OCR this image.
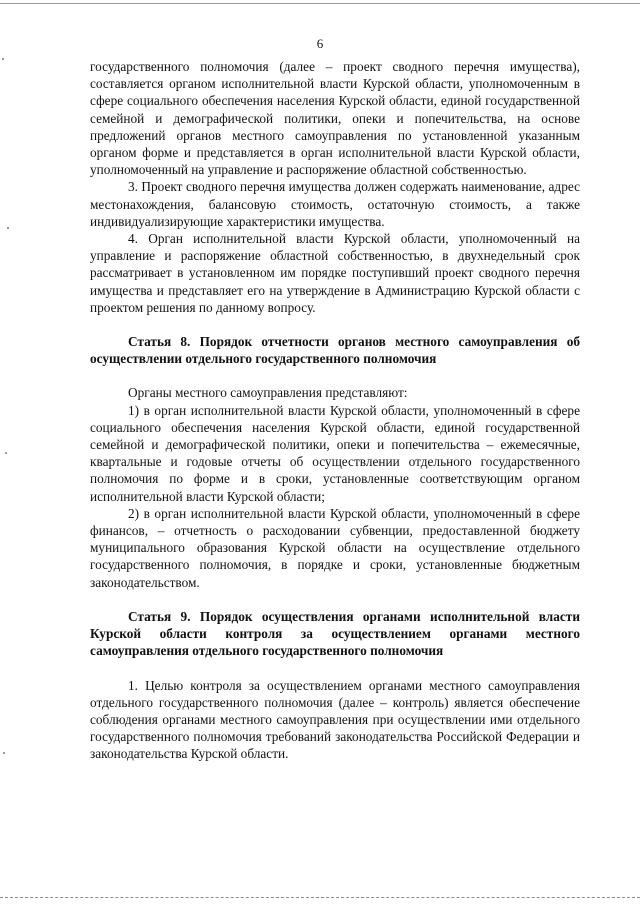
6

государственного полномочия (далее – проект сводного перечня имущества), составляется органом исполнительной власти Курской области, уполномоченным в сфере социального обеспечения населения Курской области, единой государственной семейной и демографической политики, опеки и попечительства, на основе предложений органов местного самоуправления по установленной указанным органом форме и представляется в орган исполнительной власти Курской области, уполномоченный на управление и распоряжение областной собственностью.

3. Проект сводного перечня имущества должен содержать наименование, адрес местонахождения, балансовую стоимость, остаточную стоимость, а также индивидуализирующие характеристики имущества.

4. Орган исполнительной власти Курской области, уполномоченный на управление и распоряжение областной собственностью, в двухнедельный срок рассматривает в установленном им порядке поступивший проект сводного перечня имущества и представляет его на утверждение в Администрацию Курской области с проектом решения по данному вопросу.

Статья 8. Порядок отчетности органов местного самоуправления об осуществлении отдельного государственного полномочия

Органы местного самоуправления представляют:

1) в орган исполнительной власти Курской области, уполномоченный в сфере социального обеспечения населения Курской области, единой государственной семейной и демографической политики, опеки и попечительства – ежемесячные, квартальные и годовые отчеты об осуществлении отдельного государственного полномочия по форме и в сроки, установленные соответствующим органом исполнительной власти Курской области;

2) в орган исполнительной власти Курской области, уполномоченный в сфере финансов, – отчетность о расходовании субвенции, предоставленной бюджету муниципального образования Курской области на осуществление отдельного государственного полномочия, в порядке и сроки, установленные бюджетным законодательством.

Статья 9. Порядок осуществления органами исполнительной власти Курской области контроля за осуществлением органами местного самоуправления отдельного государственного полномочия

1. Целью контроля за осуществлением органами местного самоуправления отдельного государственного полномочия (далее – контроль) является обеспечение соблюдения органами местного самоуправления при осуществлении ими отдельного государственного полномочия требований законодательства Российской Федерации и законодательства Курской области.
